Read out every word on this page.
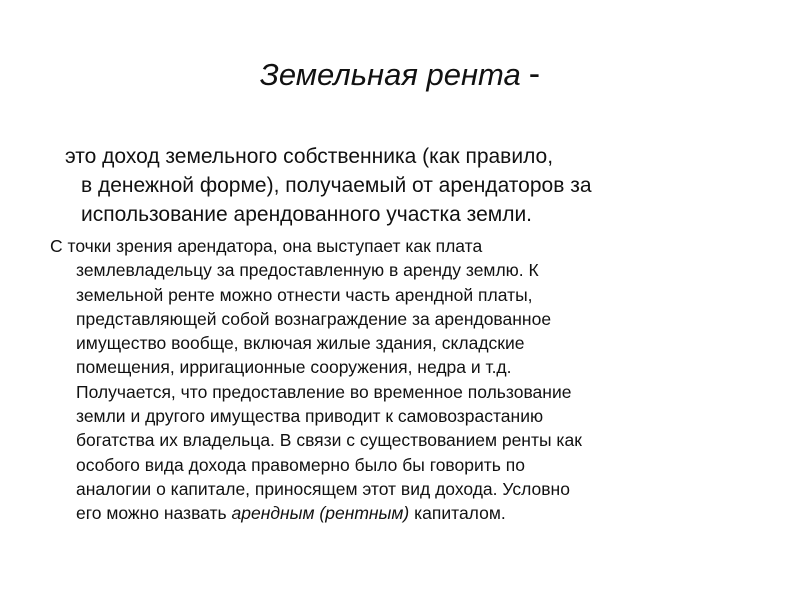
Земельная рента -
это доход земельного собственника (как правило,
в денежной форме), получаемый от арендаторов за
использование арендованного участка земли.
С точки зрения арендатора, она выступает как плата
землевладельцу за предоставленную в аренду землю. К
земельной ренте можно отнести часть арендной платы,
представляющей собой вознаграждение за арендованное
имущество вообще, включая жилые здания, складские
помещения, ирригационные сооружения, недра и т.д.
Получается, что предоставление во временное пользование
земли и другого имущества приводит к самовозрастанию
богатства их владельца. В связи с существованием ренты как
особого вида дохода правомерно было бы говорить по
аналогии о капитале, приносящем этот вид дохода. Условно
его можно назвать арендным (рентным) капиталом.
